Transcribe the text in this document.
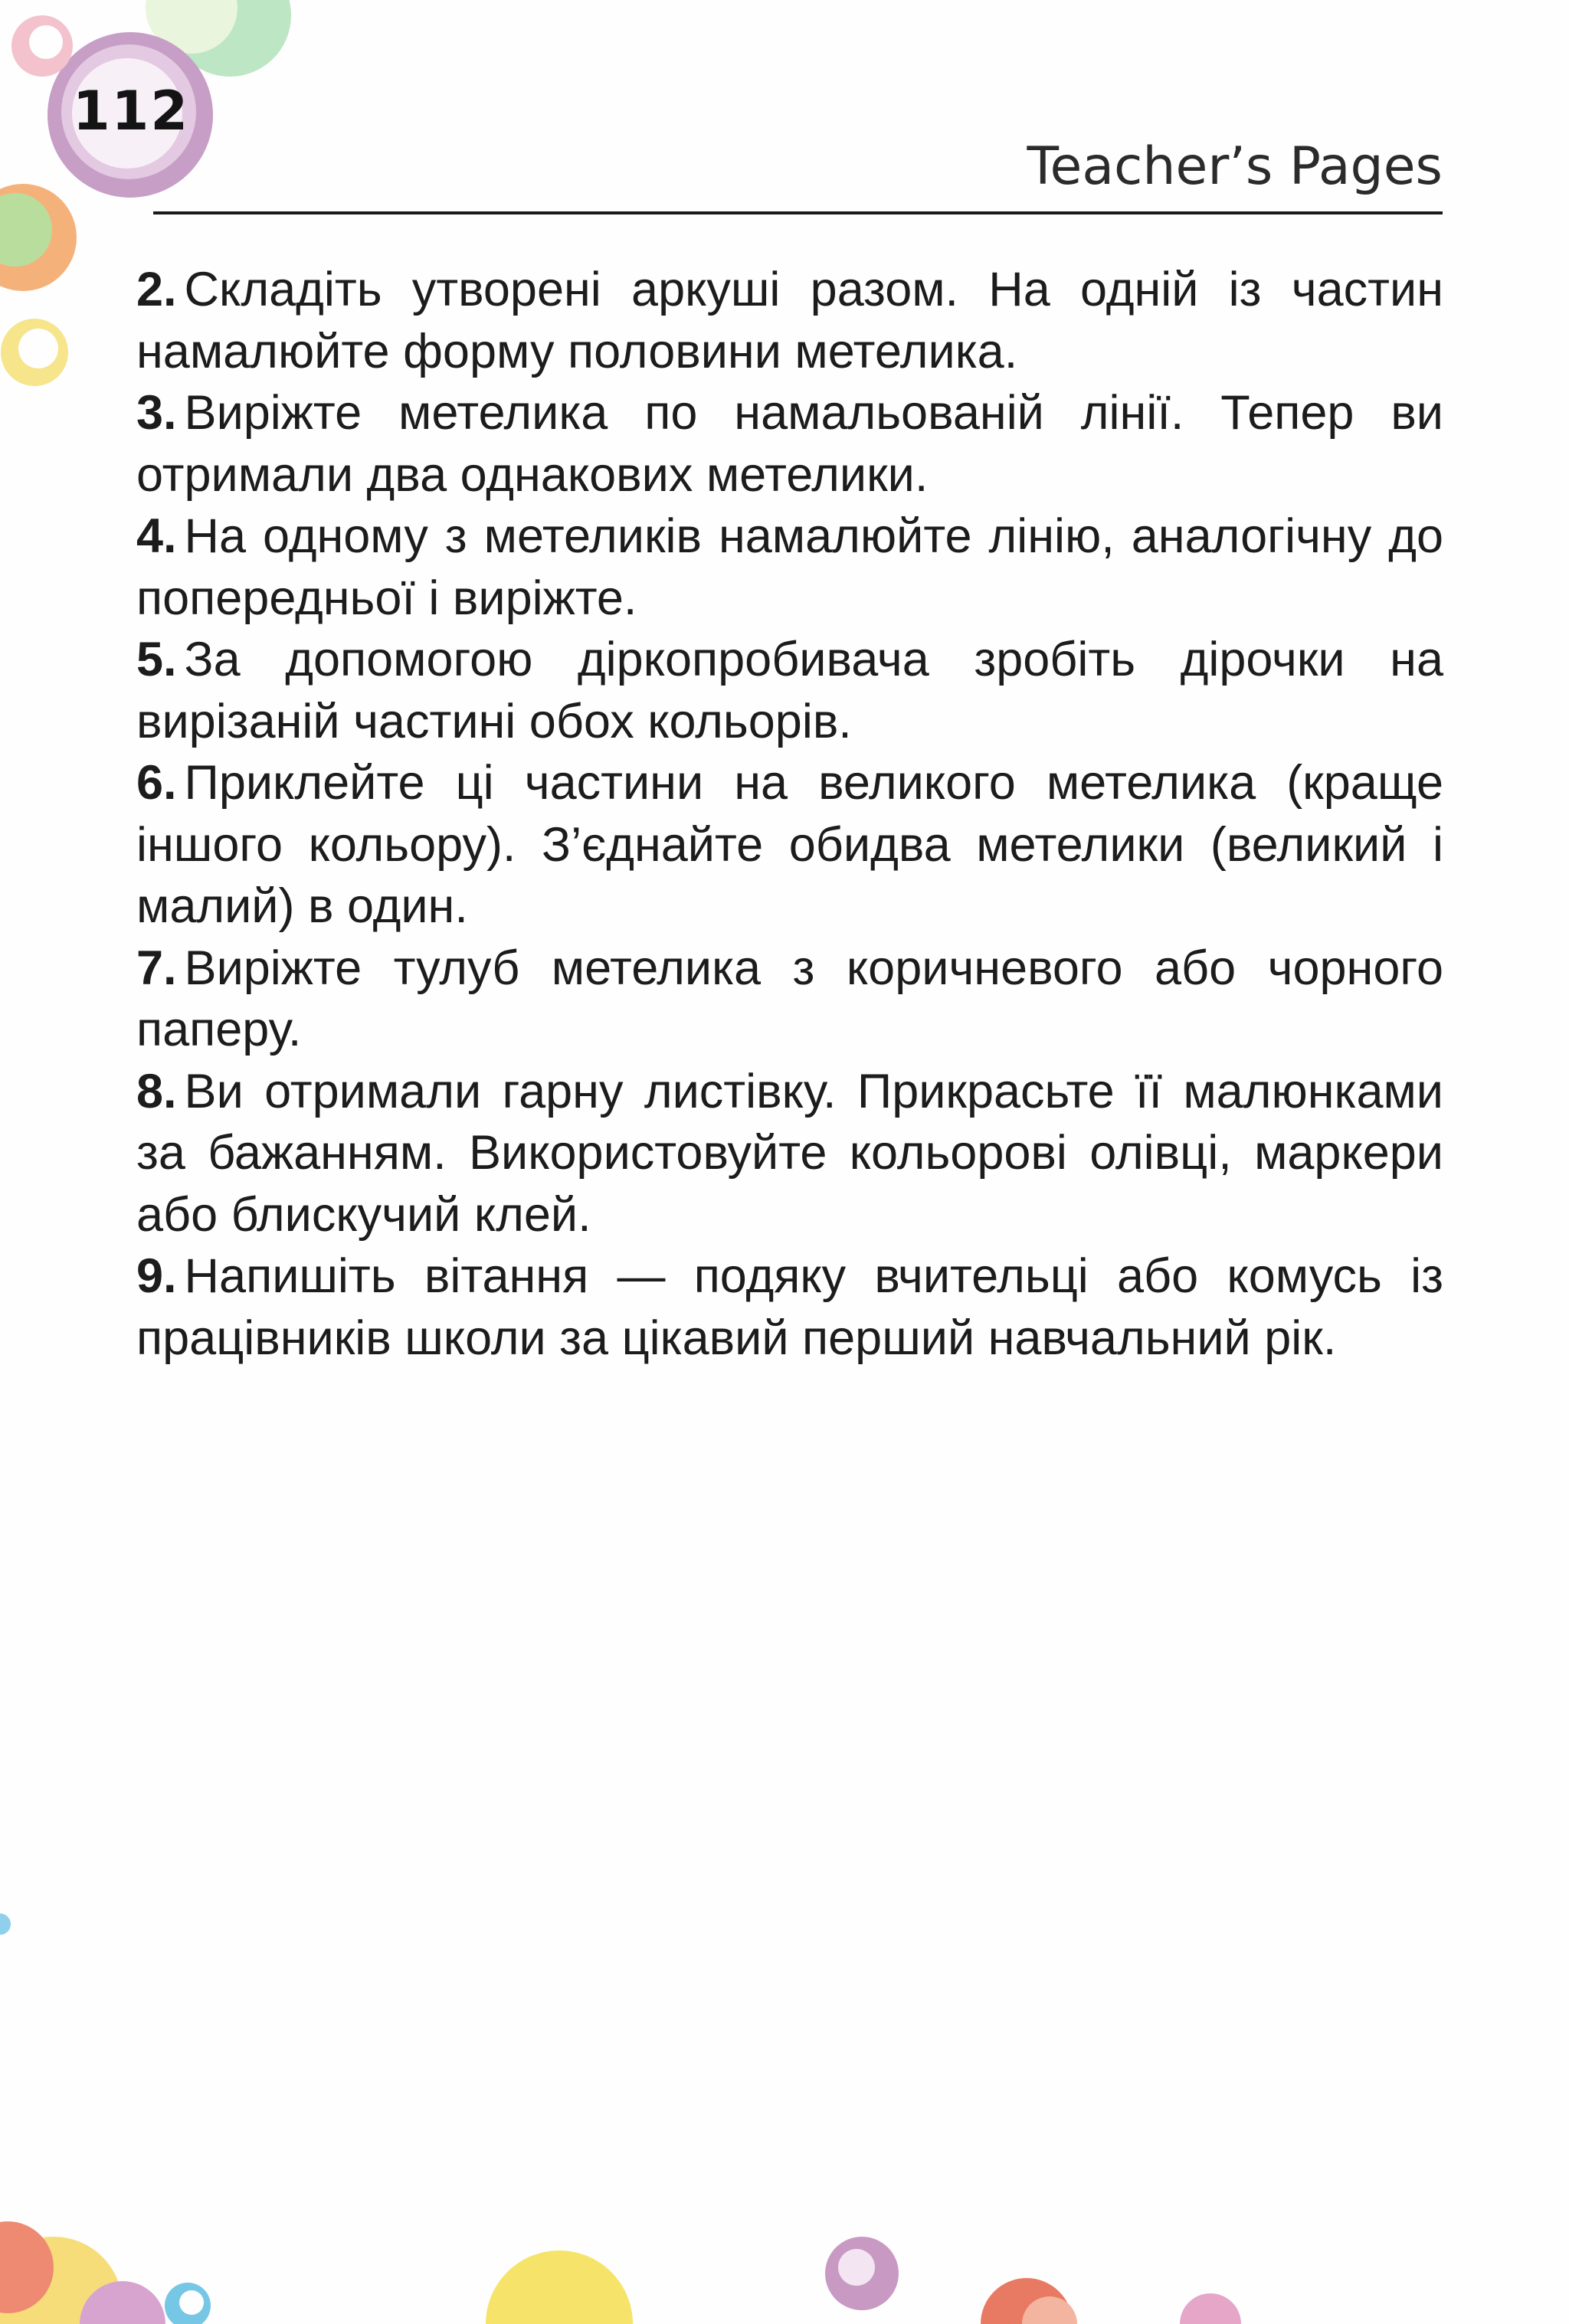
112
Teacher’s Pages
2. Складіть утворені аркуші разом. На одній із частин намалюйте форму половини метелика.
3. Виріжте метелика по намальованій лінії. Тепер ви отримали два однакових метелики.
4. На одному з метеликів намалюйте лінію, аналогічну до попередньої і виріжте.
5. За допомогою діркопробивача зробіть дірочки на вирізаній частині обох кольорів.
6. Приклейте ці частини на великого метелика (краще іншого кольору). З’єднайте обидва метелики (великий і малий) в один.
7. Виріжте тулуб метелика з коричневого або чорного паперу.
8. Ви отримали гарну листівку. Прикрасьте її малюнками за бажанням. Використовуйте кольорові олівці, маркери або блискучий клей.
9. Напишіть вітання — подяку вчительці або комусь із працівників школи за цікавий перший навчальний рік.
